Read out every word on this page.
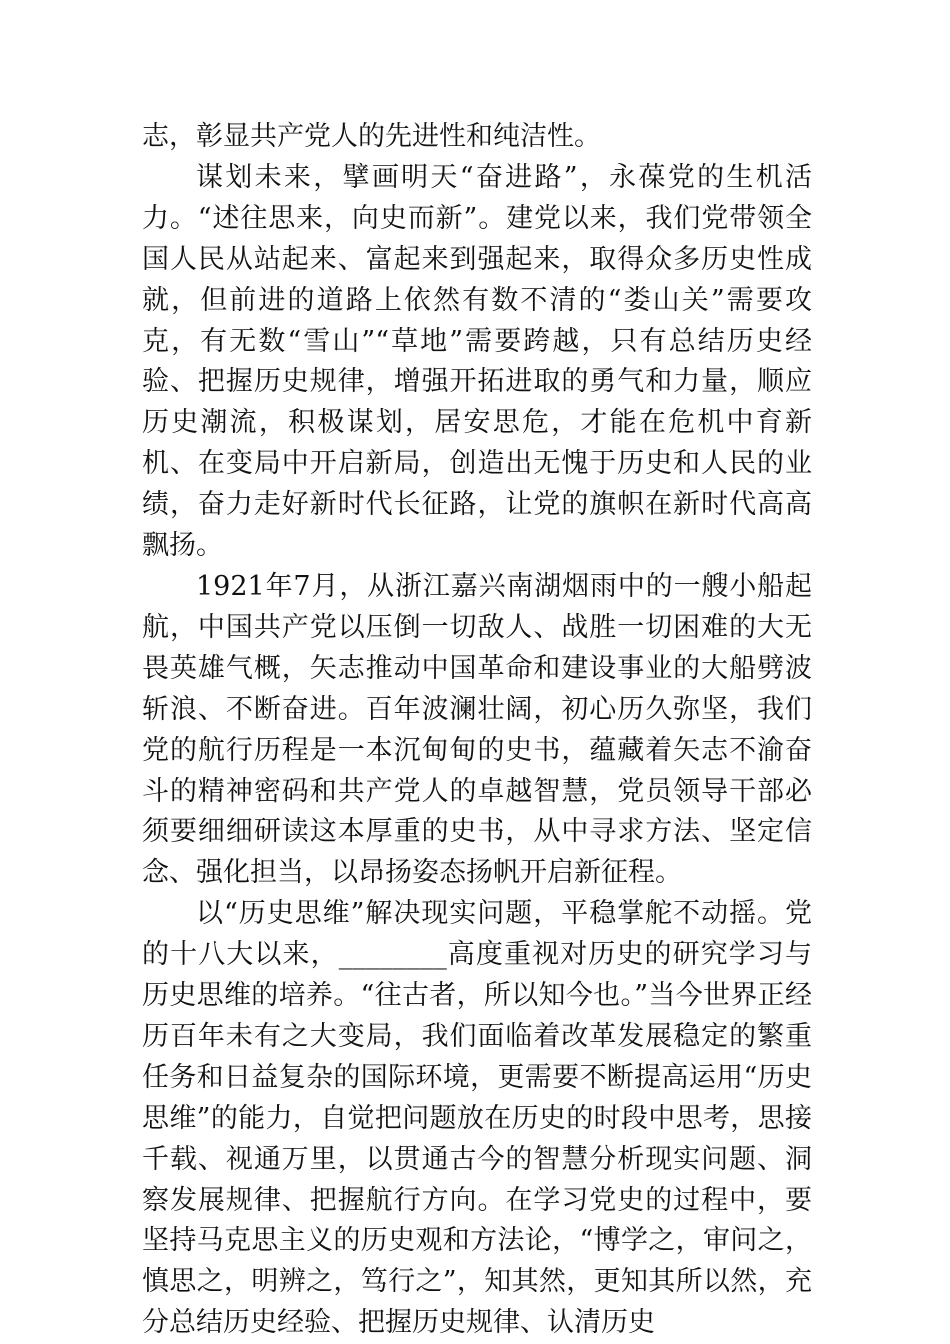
志，彰显共产党人的先进性和纯洁性。

谋划未来，擘画明天“奋进路”，永葆党的生机活力。“述往思来，向史而新”。建党以来，我们党带领全国人民从站起来、富起来到强起来，取得众多历史性成就，但前进的道路上依然有数不清的“娄山关”需要攻克，有无数“雪山”“草地”需要跨越，只有总结历史经验、把握历史规律，增强开拓进取的勇气和力量，顺应历史潮流，积极谋划，居安思危，才能在危机中育新机、在变局中开启新局，创造出无愧于历史和人民的业绩，奋力走好新时代长征路，让党的旗帜在新时代高高飘扬。

1921年7月，从浙江嘉兴南湖烟雨中的一艘小船起航，中国共产党以压倒一切敌人、战胜一切困难的大无畏英雄气概，矢志推动中国革命和建设事业的大船劈波斩浪、不断奋进。百年波澜壮阔，初心历久弥坚，我们党的航行历程是一本沉甸甸的史书，蕴藏着矢志不渝奋斗的精神密码和共产党人的卓越智慧，党员领导干部必须要细细研读这本厚重的史书，从中寻求方法、坚定信念、强化担当，以昂扬姿态扬帆开启新征程。

以“历史思维”解决现实问题，平稳掌舵不动摇。党的十八大以来，________高度重视对历史的研究学习与历史思维的培养。“往古者，所以知今也。”当今世界正经历百年未有之大变局，我们面临着改革发展稳定的繁重任务和日益复杂的国际环境，更需要不断提高运用“历史思维”的能力，自觉把问题放在历史的时段中思考，思接千载、视通万里，以贯通古今的智慧分析现实问题、洞察发展规律、把握航行方向。在学习党史的过程中，要坚持马克思主义的历史观和方法论，“博学之，审问之，慎思之，明辨之，笃行之”，知其然，更知其所以然，充分总结历史经验、把握历史规律、认清历史
